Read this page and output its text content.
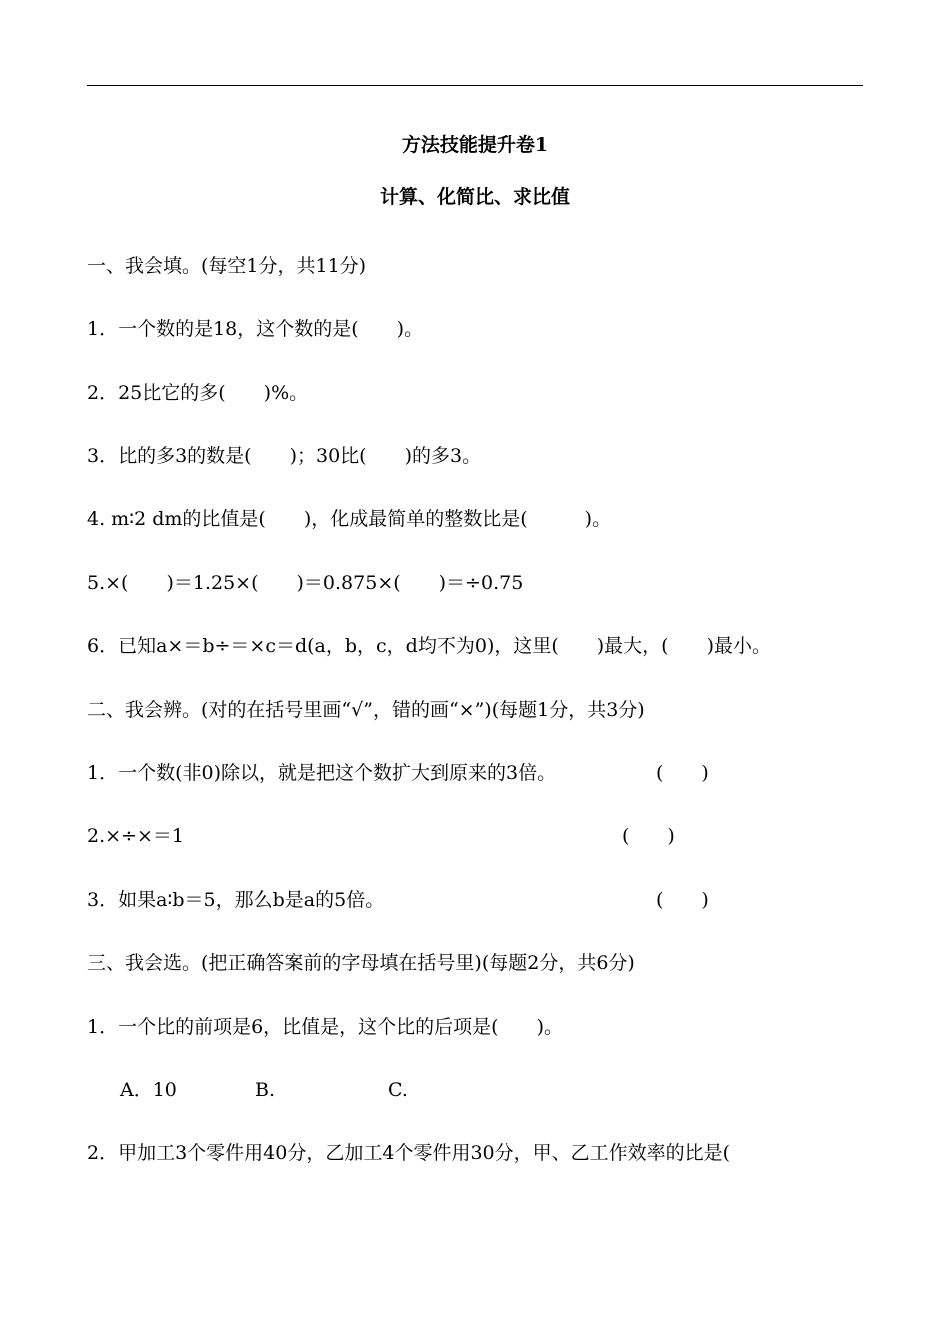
方法技能提升卷1
计算、化简比、求比值
一、我会填。(每空1分，共11分)
1．一个数的是18，这个数的是(　　)。
2．25比它的多(　　)%。
3．比的多3的数是(　　)；30比(　　)的多3。
4. m∶2 dm的比值是(　　)，化成最简单的整数比是(　　　)。
5.×(　　)＝1.25×(　　)＝0.875×(　　)＝÷0.75
6．已知a×＝b÷＝×c＝d(a，b，c，d均不为0)，这里(　　)最大，(　　)最小。
二、我会辨。(对的在括号里画“√”，错的画“×”)(每题1分，共3分)
1．一个数(非0)除以，就是把这个数扩大到原来的3倍。	(　　)
2.×÷×＝1	(　　)
3．如果a∶b＝5，那么b是a的5倍。	(　　)
三、我会选。(把正确答案前的字母填在括号里)(每题2分，共6分)
1．一个比的前项是6，比值是，这个比的后项是(　　)。
A．10	B.	C.
2．甲加工3个零件用40分，乙加工4个零件用30分，甲、乙工作效率的比是(
